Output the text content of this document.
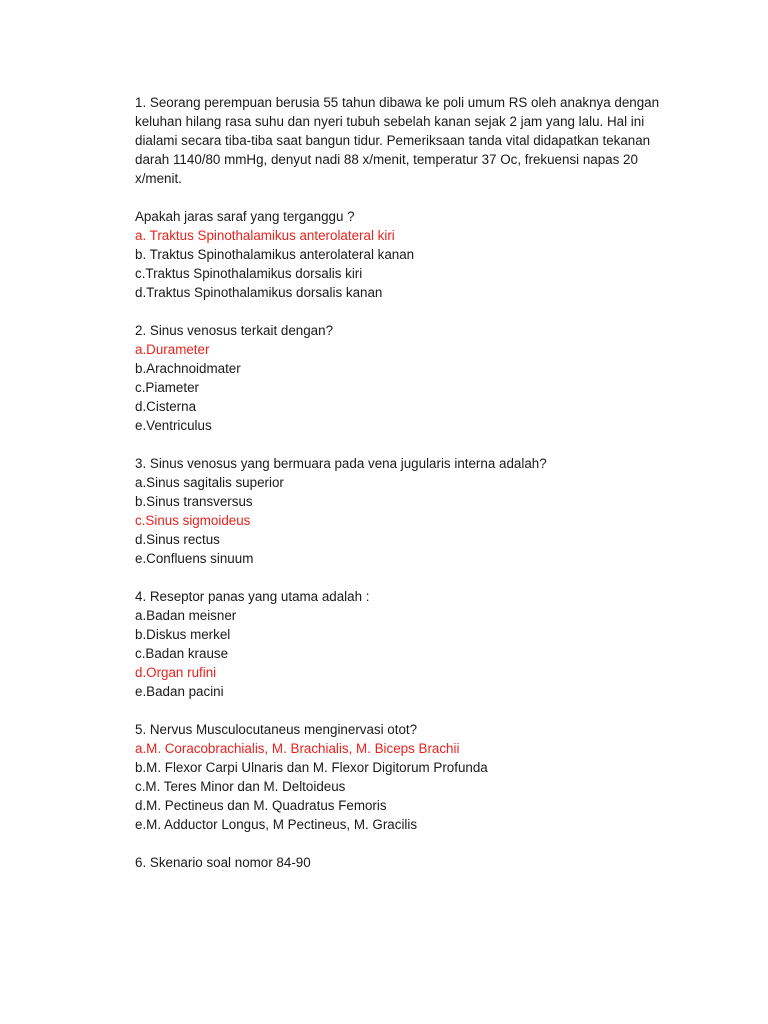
1. Seorang perempuan berusia 55 tahun dibawa ke poli umum RS oleh anaknya dengan
keluhan hilang rasa suhu dan nyeri tubuh sebelah kanan sejak 2 jam yang lalu. Hal ini
dialami secara tiba-tiba saat bangun tidur. Pemeriksaan tanda vital didapatkan tekanan
darah 1140/80 mmHg, denyut nadi 88 x/menit, temperatur 37 Oc, frekuensi napas 20
x/menit.
Apakah jaras saraf yang terganggu ?
a. Traktus Spinothalamikus anterolateral kiri
b. Traktus Spinothalamikus anterolateral kanan
c.Traktus Spinothalamikus dorsalis kiri
d.Traktus Spinothalamikus dorsalis kanan
2. Sinus venosus terkait dengan?
a.Durameter
b.Arachnoidmater
c.Piameter
d.Cisterna
e.Ventriculus
3. Sinus venosus yang bermuara pada vena jugularis interna adalah?
a.Sinus sagitalis superior
b.Sinus transversus
c.Sinus sigmoideus
d.Sinus rectus
e.Confluens sinuum
4. Reseptor panas yang utama adalah :
a.Badan meisner
b.Diskus merkel
c.Badan krause
d.Organ rufini
e.Badan pacini
5. Nervus Musculocutaneus menginervasi otot?
a.M. Coracobrachialis, M. Brachialis, M. Biceps Brachii
b.M. Flexor Carpi Ulnaris dan M. Flexor Digitorum Profunda
c.M. Teres Minor dan M. Deltoideus
d.M. Pectineus dan M. Quadratus Femoris
e.M. Adductor Longus, M Pectineus, M. Gracilis
6. Skenario soal nomor 84-90
